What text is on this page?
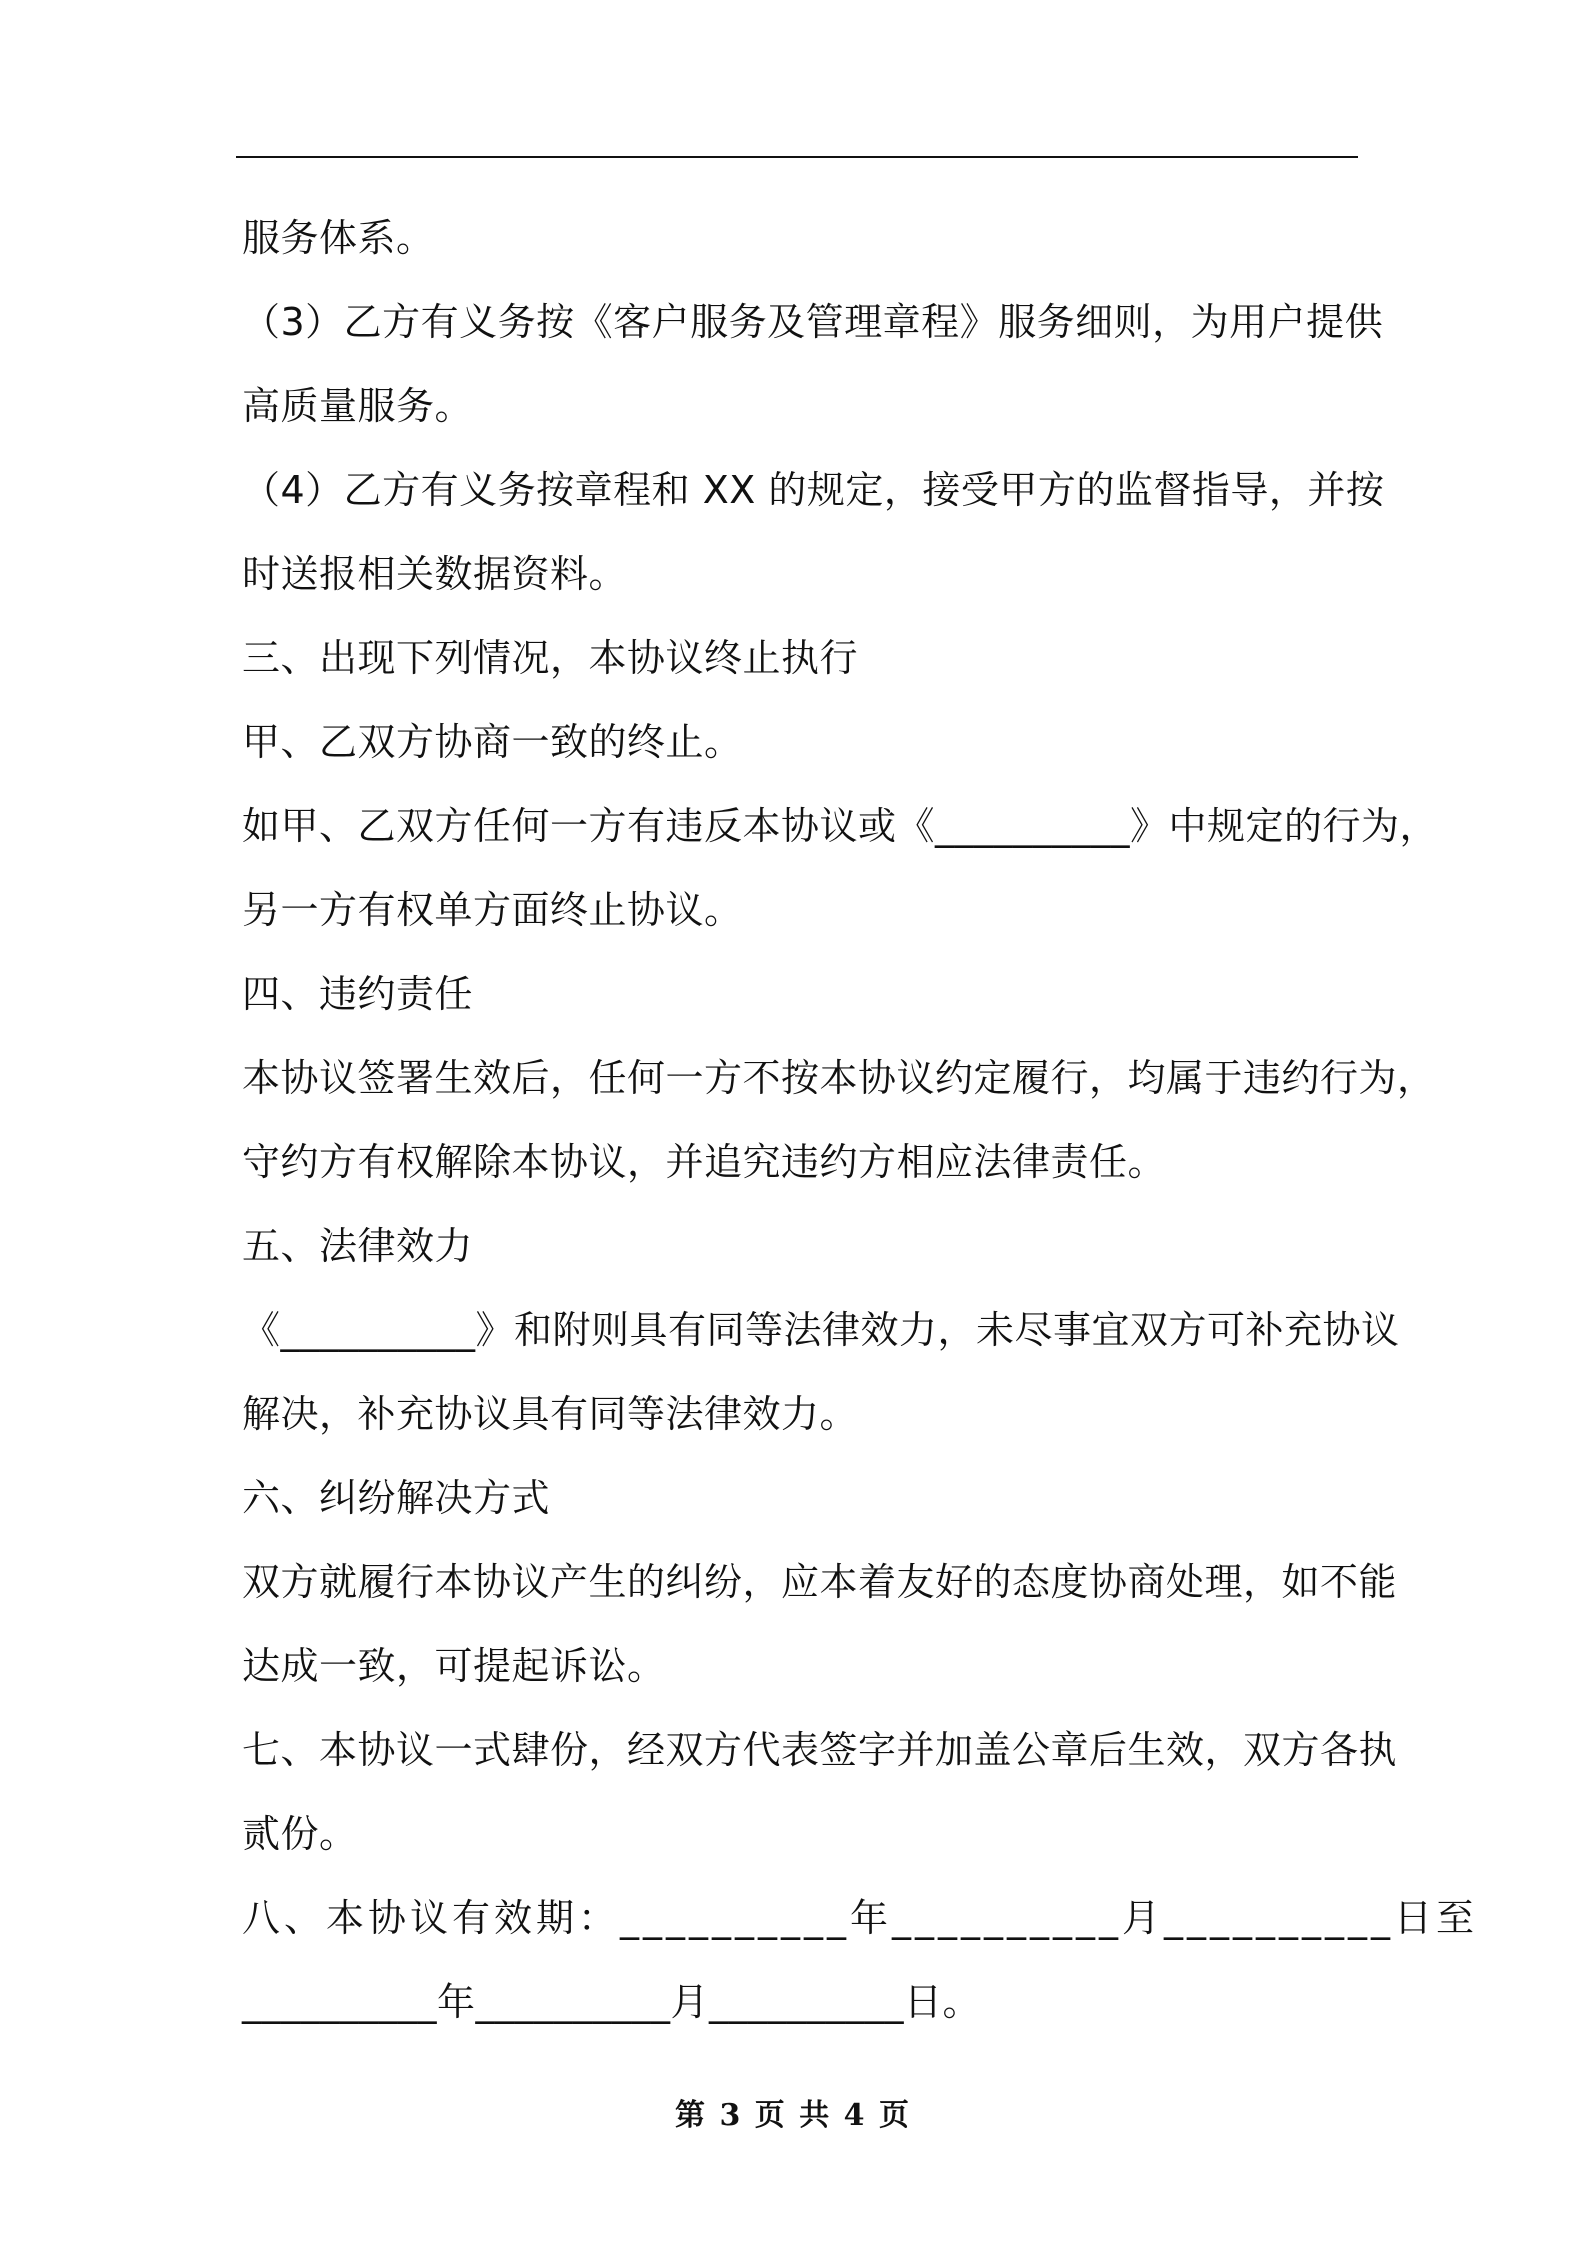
服务体系。
（3）乙方有义务按《客户服务及管理章程》服务细则，为用户提供
高质量服务。
（4）乙方有义务按章程和 XX 的规定，接受甲方的监督指导，并按
时送报相关数据资料。
三、出现下列情况，本协议终止执行
甲、乙双方协商一致的终止。
如甲、乙双方任何一方有违反本协议或《__________》中规定的行为，
另一方有权单方面终止协议。
四、违约责任
本协议签署生效后，任何一方不按本协议约定履行，均属于违约行为，
守约方有权解除本协议，并追究违约方相应法律责任。
五、法律效力
《__________》和附则具有同等法律效力，未尽事宜双方可补充协议
解决，补充协议具有同等法律效力。
六、纠纷解决方式
双方就履行本协议产生的纠纷，应本着友好的态度协商处理，如不能
达成一致，可提起诉讼。
七、本协议一式肆份，经双方代表签字并加盖公章后生效，双方各执
贰份。
八、本协议有效期：__________年__________月__________日至
__________年__________月__________日。
第 3 页 共 4 页
